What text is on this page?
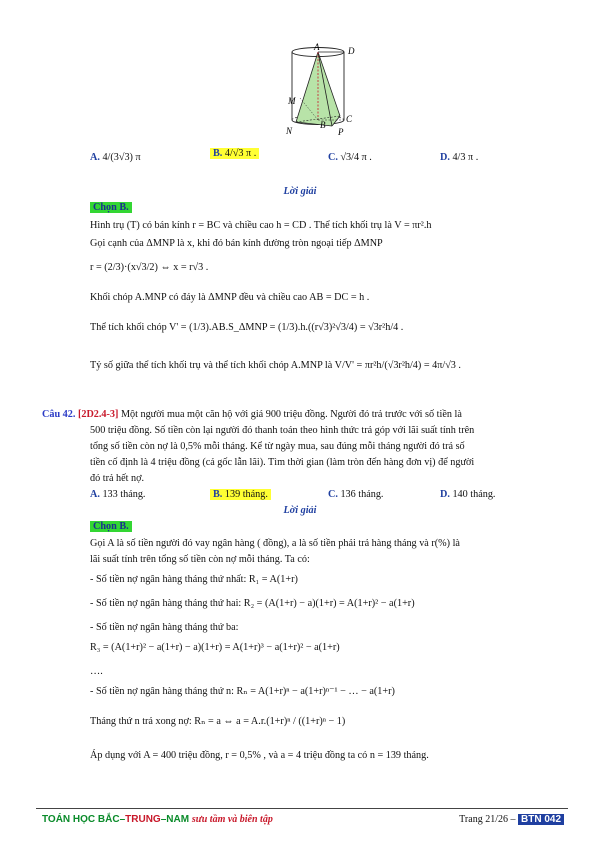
A	D
M
C
N
B
P
A. 4/(3√3) π	B. 4/√3 π .	C. √3/4 π .	D. 4/3 π .
Lời giải
Chọn B.
Hình trụ (T) có bán kính r = BC và chiều cao h = CD . Thể tích khối trụ là V = πr².h
Gọi cạnh của ΔMNP là x, khi đó bán kính đường tròn ngoại tiếp ΔMNP
r = (2/3)·(x√3/2) ⇔ x = r√3 .
Khối chóp A.MNP có đáy là ΔMNP đều và chiều cao AB = DC = h .
Thể tích khối chóp V' = (1/3).AB.S_ΔMNP = (1/3).h.((r√3)²√3/4) = √3r²h/4 .
Tỷ số giữa thể tích khối trụ và thể tích khối chóp A.MNP là V/V' = πr²h/(√3r²h/4) = 4π/√3 .
Câu 42. [2D2.4-3] Một người mua một căn hộ với giá 900 triệu đồng. Người đó trả trước với số tiền là
500 triệu đồng. Số tiền còn lại người đó thanh toán theo hình thức trả góp với lãi suất tính trên
tổng số tiền còn nợ là 0,5% mỗi tháng. Kể từ ngày mua, sau đúng mỗi tháng người đó trả số
tiền cố định là 4 triệu đồng (cả gốc lẫn lãi). Tìm thời gian (làm tròn đến hàng đơn vị) để người
đó trả hết nợ.
A. 133 tháng.	B. 139 tháng.	C. 136 tháng.	D. 140 tháng.
Lời giải
Chọn B.
Gọi A là số tiền người đó vay ngân hàng ( đồng), a là số tiền phải trả hàng tháng và r(%) là
lãi suất tính trên tổng số tiền còn nợ mỗi tháng. Ta có:
- Số tiền nợ ngân hàng tháng thứ nhất: R₁ = A(1+r)
- Số tiền nợ ngân hàng tháng thứ hai: R₂ = (A(1+r) − a)(1+r) = A(1+r)² − a(1+r)
- Số tiền nợ ngân hàng tháng thứ ba:
R₃ = (A(1+r)² − a(1+r) − a)(1+r) = A(1+r)³ − a(1+r)² − a(1+r)
….
- Số tiền nợ ngân hàng tháng thứ n: Rₙ = A(1+r)ⁿ − a(1+r)ⁿ⁻¹ − … − a(1+r)
Tháng thứ n trả xong nợ: Rₙ = a ⇔ a = A.r.(1+r)ⁿ / ((1+r)ⁿ − 1)
Áp dụng với A = 400 triệu đồng, r = 0,5% , và a = 4 triệu đồng ta có n = 139 tháng.
TOÁN HỌC BẮC–TRUNG–NAM sưu tầm và biên tập	Trang 21/26 – BTN 042
